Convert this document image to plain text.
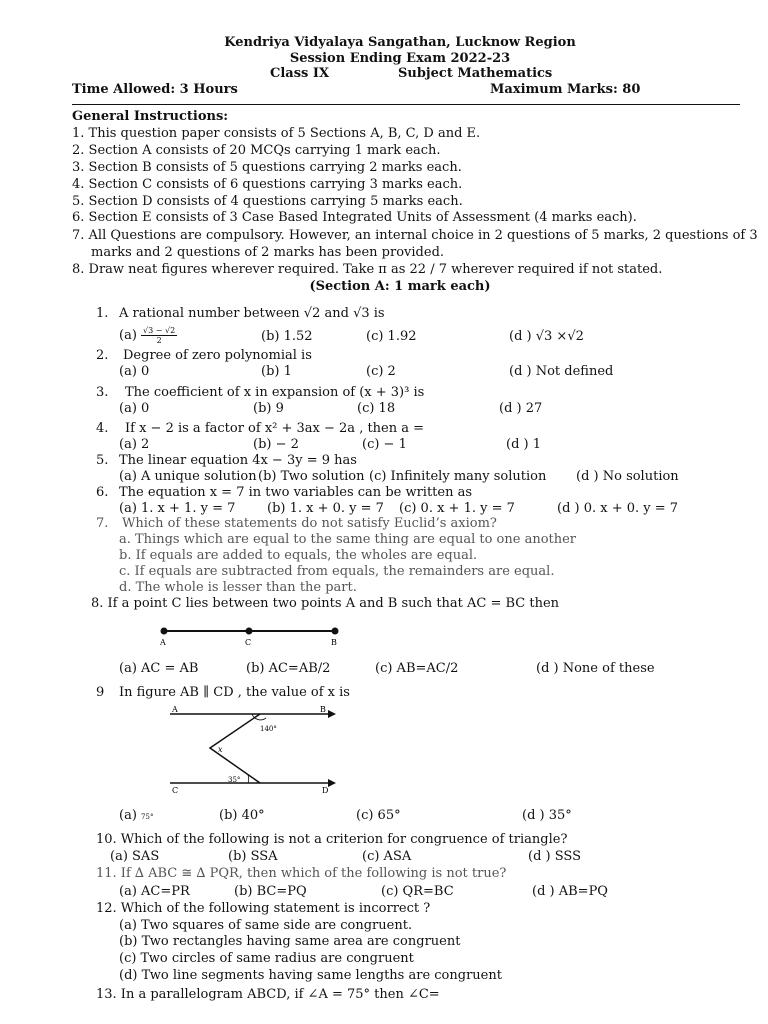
Kendriya Vidyalaya Sangathan, Lucknow Region
Session Ending Exam 2022-23
Class IX	Subject Mathematics
Time Allowed: 3 Hours	Maximum Marks: 80
General Instructions:
1. This question paper consists of 5 Sections A, B, C, D and E.
2. Section A consists of 20 MCQs carrying 1 mark each.
3. Section B consists of 5 questions carrying 2 marks each.
4. Section C consists of 6 questions carrying 3 marks each.
5. Section D consists of 4 questions carrying 5 marks each.
6. Section E consists of 3 Case Based Integrated Units of Assessment (4 marks each).
7. All Questions are compulsory. However, an internal choice in 2 questions of 5 marks, 2 questions of 3
marks and 2 questions of 2 marks has been provided.
8. Draw neat figures wherever required. Take π as 22 / 7 wherever required if not stated.
(Section A: 1 mark each)
1. A rational number between √2 and √3 is
$(a) \frac{√3 - √2}{2}$	(b) 1.52	(c) 1.92	(d ) √3 ×√2
2. Degree of zero polynomial is
(a) 0	(b) 1	(c) 2	(d ) Not defined
3. The coefficient of x in expansion of (x + 3)³ is
(a) 0	(b) 9	(c) 18	(d ) 27
4. If x − 2 is a factor of x² + 3ax − 2a , then a =
(a) 2	(b) − 2	(c) − 1	(d ) 1
5. The linear equation 4x − 3y = 9 has
(a) A unique solution (b) Two solution (c) Infinitely many solution (d ) No solution
6. The equation x = 7 in two variables can be written as
(a) 1. x + 1. y = 7 (b) 1. x + 0. y = 7 (c) 0. x + 1. y = 7	(d ) 0. x + 0. y = 7
7. Which of these statements do not satisfy Euclid’s axiom?
a. Things which are equal to the same thing are equal to one another
b. If equals are added to equals, the wholes are equal.
c. If equals are subtracted from equals, the remainders are equal.
d. The whole is lesser than the part.
8. If a point C lies between two points A and B such that AC = BC then
A	C	B
(a) AC = AB	(b) AC=AB/2	(c) AB=AC/2	(d ) None of these
9 In figure AB ∥ CD , the value of x is
A	B
C	D
140°
x
35°
(a) 75°	(b) 40°	(c) 65°	(d ) 35°
10. Which of the following is not a criterion for congruence of triangle?
(a) SAS	(b) SSA	(c) ASA	(d ) SSS
11. If ∆ ABC ≅ ∆ PQR, then which of the following is not true?
(a) AC=PR	(b) BC=PQ	(c) QR=BC	(d ) AB=PQ
12. Which of the following statement is incorrect ?
(a) Two squares of same side are congruent.
(b) Two rectangles having same area are congruent
(c) Two circles of same radius are congruent
(d) Two line segments having same lengths are congruent
13. In a parallelogram ABCD, if ∠A = 75° then ∠C=
